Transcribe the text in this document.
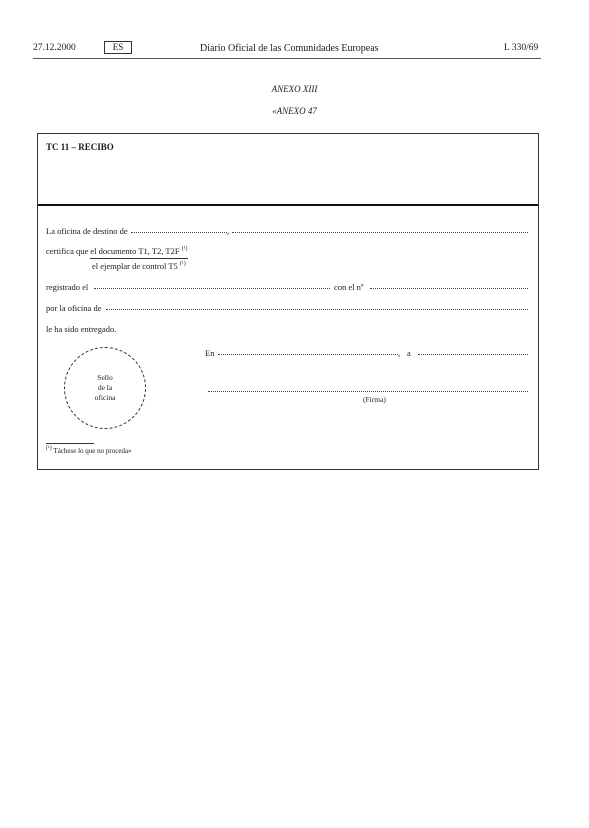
27.12.2000	ES	Diario Oficial de las Comunidades Europeas	L 330/69
ANEXO XIII
«ANEXO 47
TC 11 – RECIBO
La oficina de destino de	,
certifica que el documento T1, T2, T2F $^{(^1)}$
el ejemplar de control T5 $^{(^1)}$
registrado el	con el nº
por la oficina de
le ha sido entregado.
En	, a
Sello
de la
oficina	(Firma)
$^{(^1)}$ Táchese lo que no proceda»
